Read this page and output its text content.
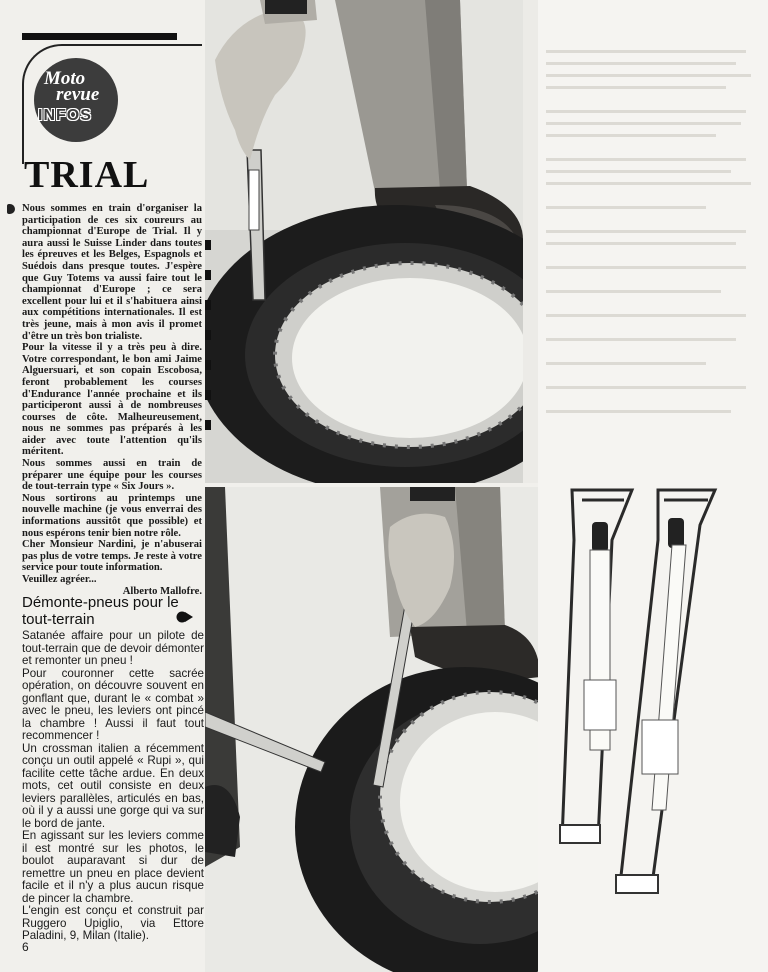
Moto
revue
INFOS
TRIAL

Nous sommes en train d'organiser la participation de ces six coureurs au championnat d'Europe de Trial. Il y aura aussi le Suisse Linder dans toutes les épreuves et les Belges, Espagnols et Suédois dans presque toutes. J'espère que Guy Totems va aussi faire tout le championnat d'Europe ; ce sera excellent pour lui et il s'habituera ainsi aux compétitions internationales. Il est très jeune, mais à mon avis il promet d'être un très bon trialiste.

Pour la vitesse il y a très peu à dire. Votre correspondant, le bon ami Jaime Alguersuari, et son copain Escobosa, feront probablement les courses d'Endurance l'année prochaine et ils participeront aussi à de nombreuses courses de côte. Malheureusement, nous ne sommes pas préparés à les aider avec toute l'attention qu'ils méritent.

Nous sommes aussi en train de préparer une équipe pour les courses de tout-terrain type « Six Jours ».

Nous sortirons au printemps une nouvelle machine (je vous enverrai des informations aussitôt que possible) et nous espérons tenir bien notre rôle.

Cher Monsieur Nardini, je n'abuserai pas plus de votre temps. Je reste à votre service pour toute information.

Veuillez agréer...

Alberto Mallofre.

Démonte-pneus pour le tout-terrain

Satanée affaire pour un pilote de tout-terrain que de devoir démonter et remonter un pneu !

Pour couronner cette sacrée opération, on découvre souvent en gonflant que, durant le « combat » avec le pneu, les leviers ont pincé la chambre ! Aussi il faut tout recommencer !

Un crossman italien a récemment conçu un outil appelé « Rupi », qui facilite cette tâche ardue. En deux mots, cet outil consiste en deux leviers parallèles, articulés en bas, où il y a aussi une gorge qui va sur le bord de jante.

En agissant sur les leviers comme il est montré sur les photos, le boulot auparavant si dur de remettre un pneu en place devient facile et il n'y a plus aucun risque de pincer la chambre.

L'engin est conçu et construit par Ruggero Upiglio, via Ettore Paladini, 9, Milan (Italie).

6
